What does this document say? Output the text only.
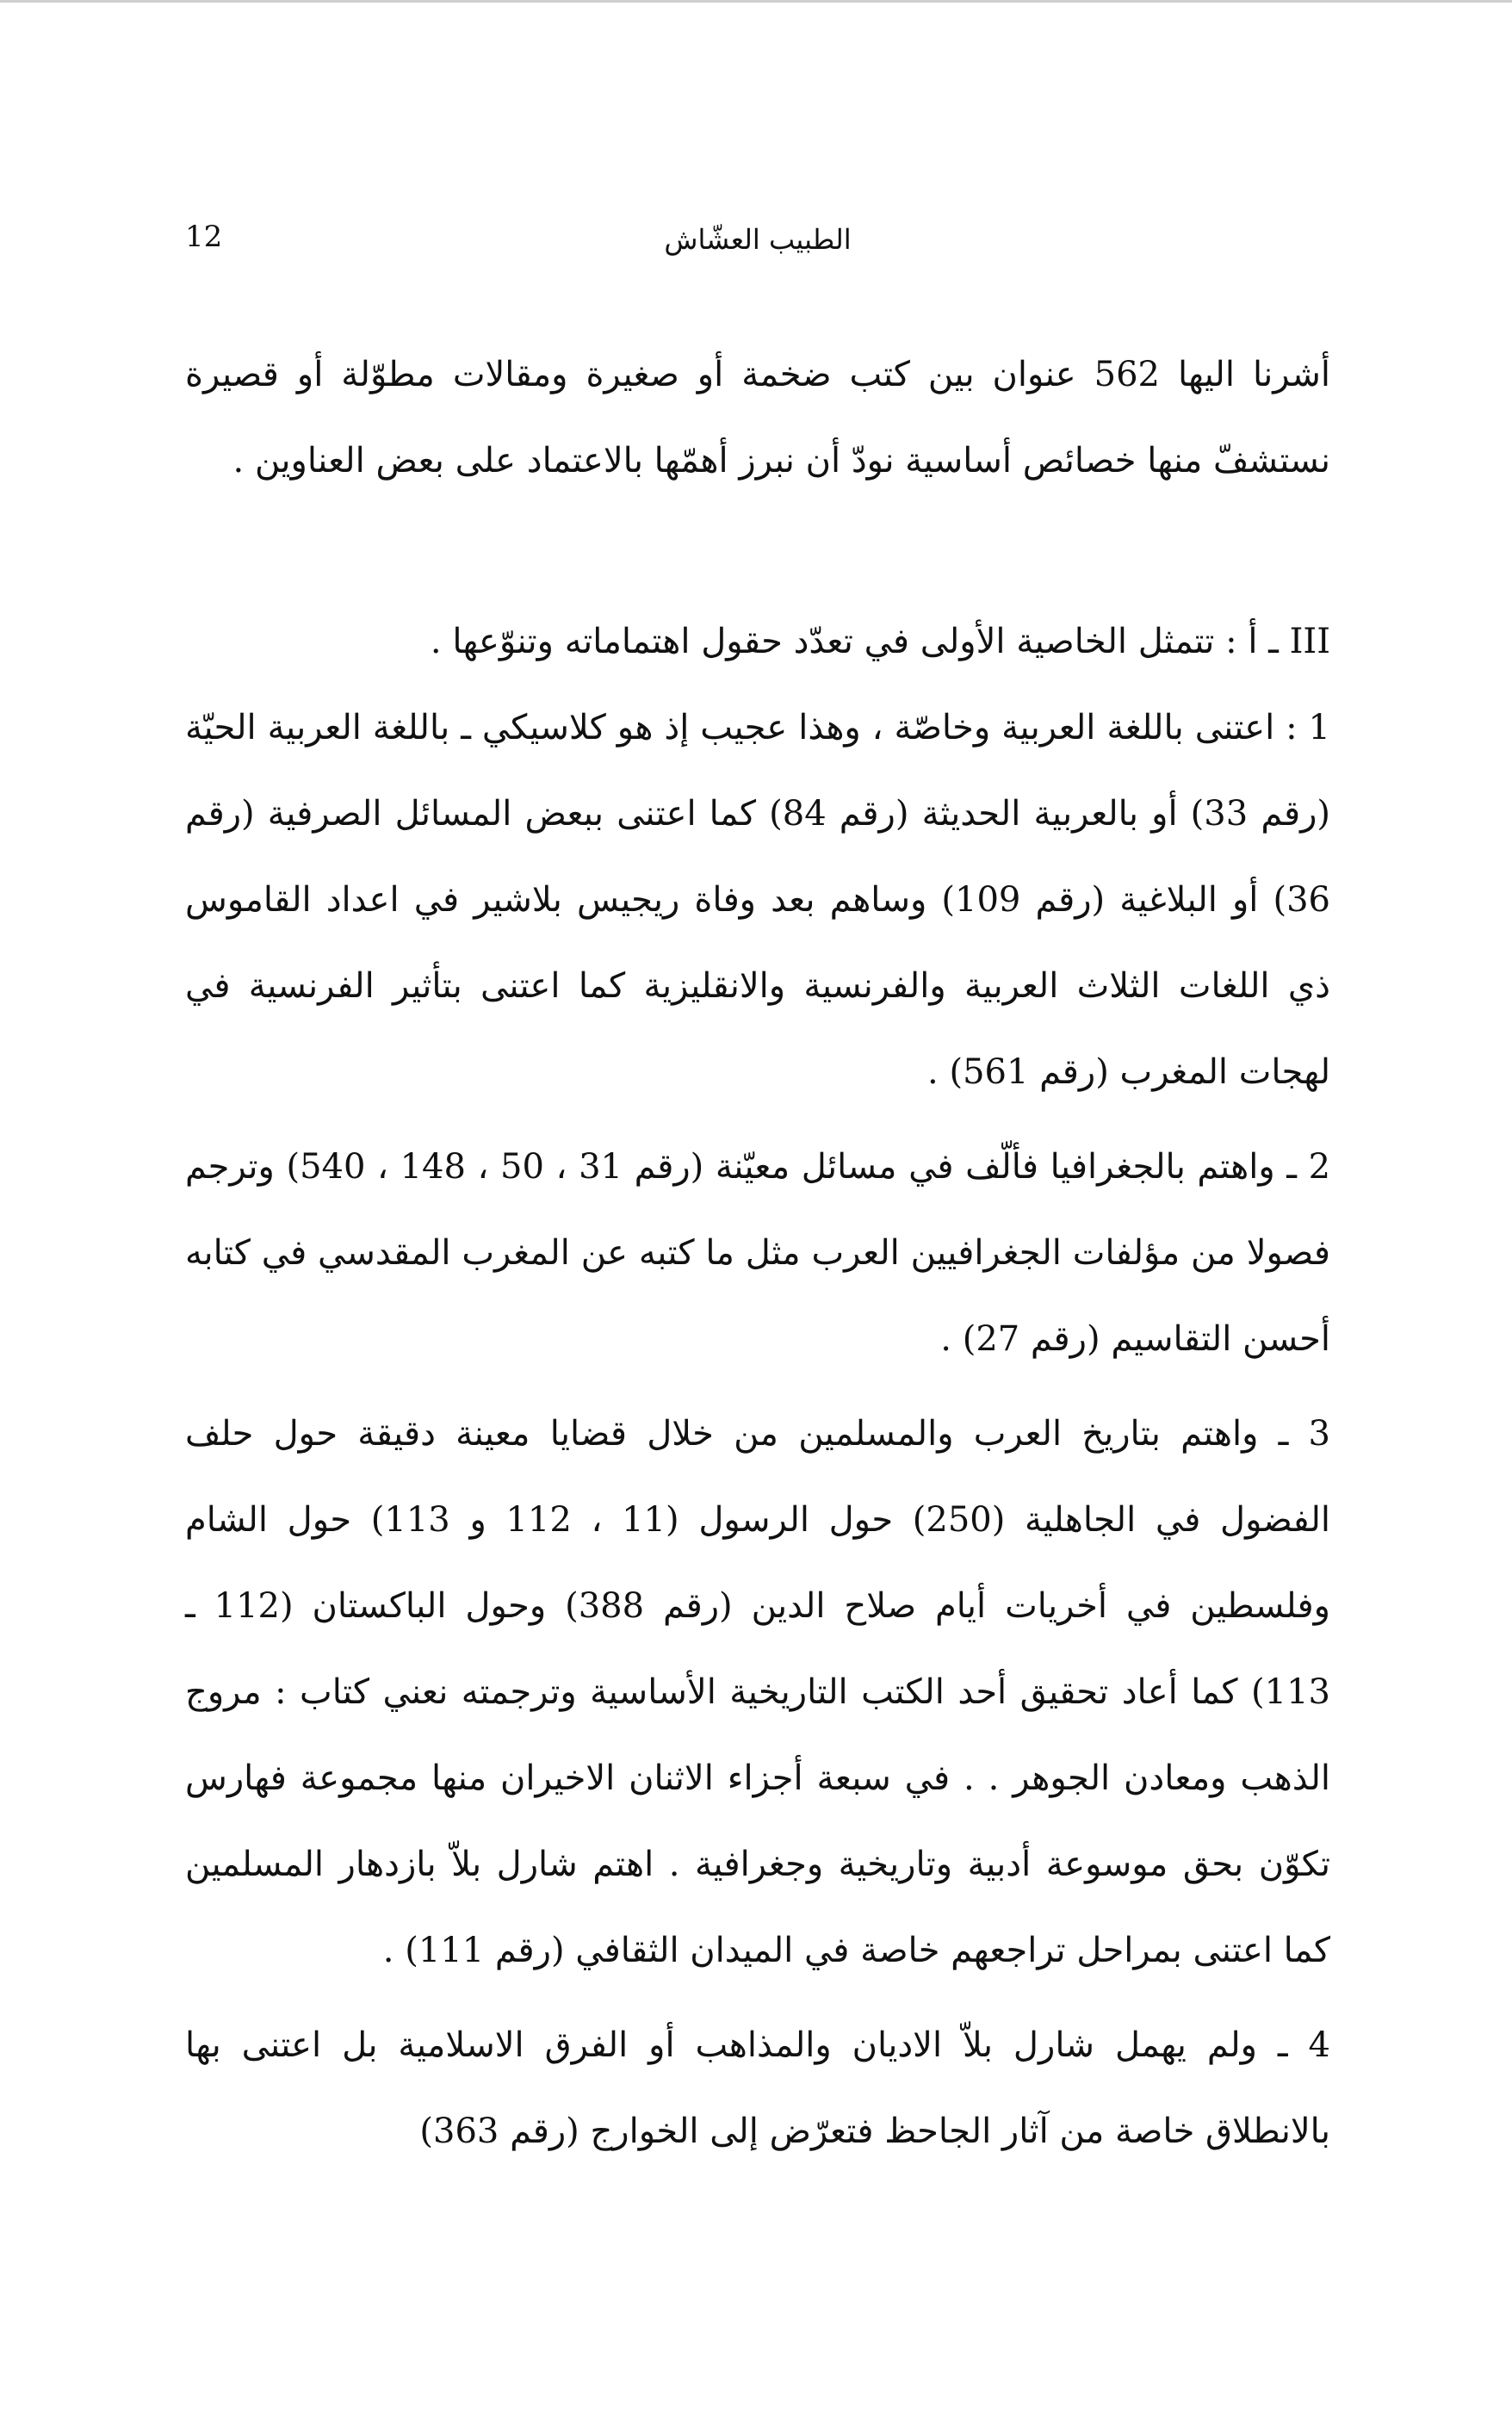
12	الطبيب العشّاش

أشرنا اليها 562 عنوان بين كتب ضخمة أو صغيرة ومقالات مطوّلة أو قصيرة نستشفّ منها خصائص أساسية نودّ أن نبرز أهمّها بالاعتماد على بعض العناوين .

III ـ أ : تتمثل الخاصية الأولى في تعدّد حقول اهتماماته وتنوّعها .

1 : اعتنى باللغة العربية وخاصّة ، وهذا عجيب إذ هو كلاسيكي ـ باللغة العربية الحيّة (رقم 33) أو بالعربية الحديثة (رقم 84) كما اعتنى ببعض المسائل الصرفية (رقم 36) أو البلاغية (رقم 109) وساهم بعد وفاة ريجيس بلاشير في اعداد القاموس ذي اللغات الثلاث العربية والفرنسية والانقليزية كما اعتنى بتأثير الفرنسية في لهجات المغرب (رقم 561) .

2 ـ واهتم بالجغرافيا فألّف في مسائل معيّنة (رقم 31 ، 50 ، 148 ، 540) وترجم فصولا من مؤلفات الجغرافيين العرب مثل ما كتبه عن المغرب المقدسي في كتابه أحسن التقاسيم (رقم 27) .

3 ـ واهتم بتاريخ العرب والمسلمين من خلال قضايا معينة دقيقة حول حلف الفضول في الجاهلية (250) حول الرسول (11 ، 112 و 113) حول الشام وفلسطين في أخريات أيام صلاح الدين (رقم 388) وحول الباكستان (112 ـ 113) كما أعاد تحقيق أحد الكتب التاريخية الأساسية وترجمته نعني كتاب : مروج الذهب ومعادن الجوهر . . في سبعة أجزاء الاثنان الاخيران منها مجموعة فهارس تكوّن بحق موسوعة أدبية وتاريخية وجغرافية . اهتم شارل بلاّ بازدهار المسلمين كما اعتنى بمراحل تراجعهم خاصة في الميدان الثقافي (رقم 111) .

4 ـ ولم يهمل شارل بلاّ الاديان والمذاهب أو الفرق الاسلامية بل اعتنى بها بالانطلاق خاصة من آثار الجاحظ فتعرّض إلى الخوارج (رقم 363)
